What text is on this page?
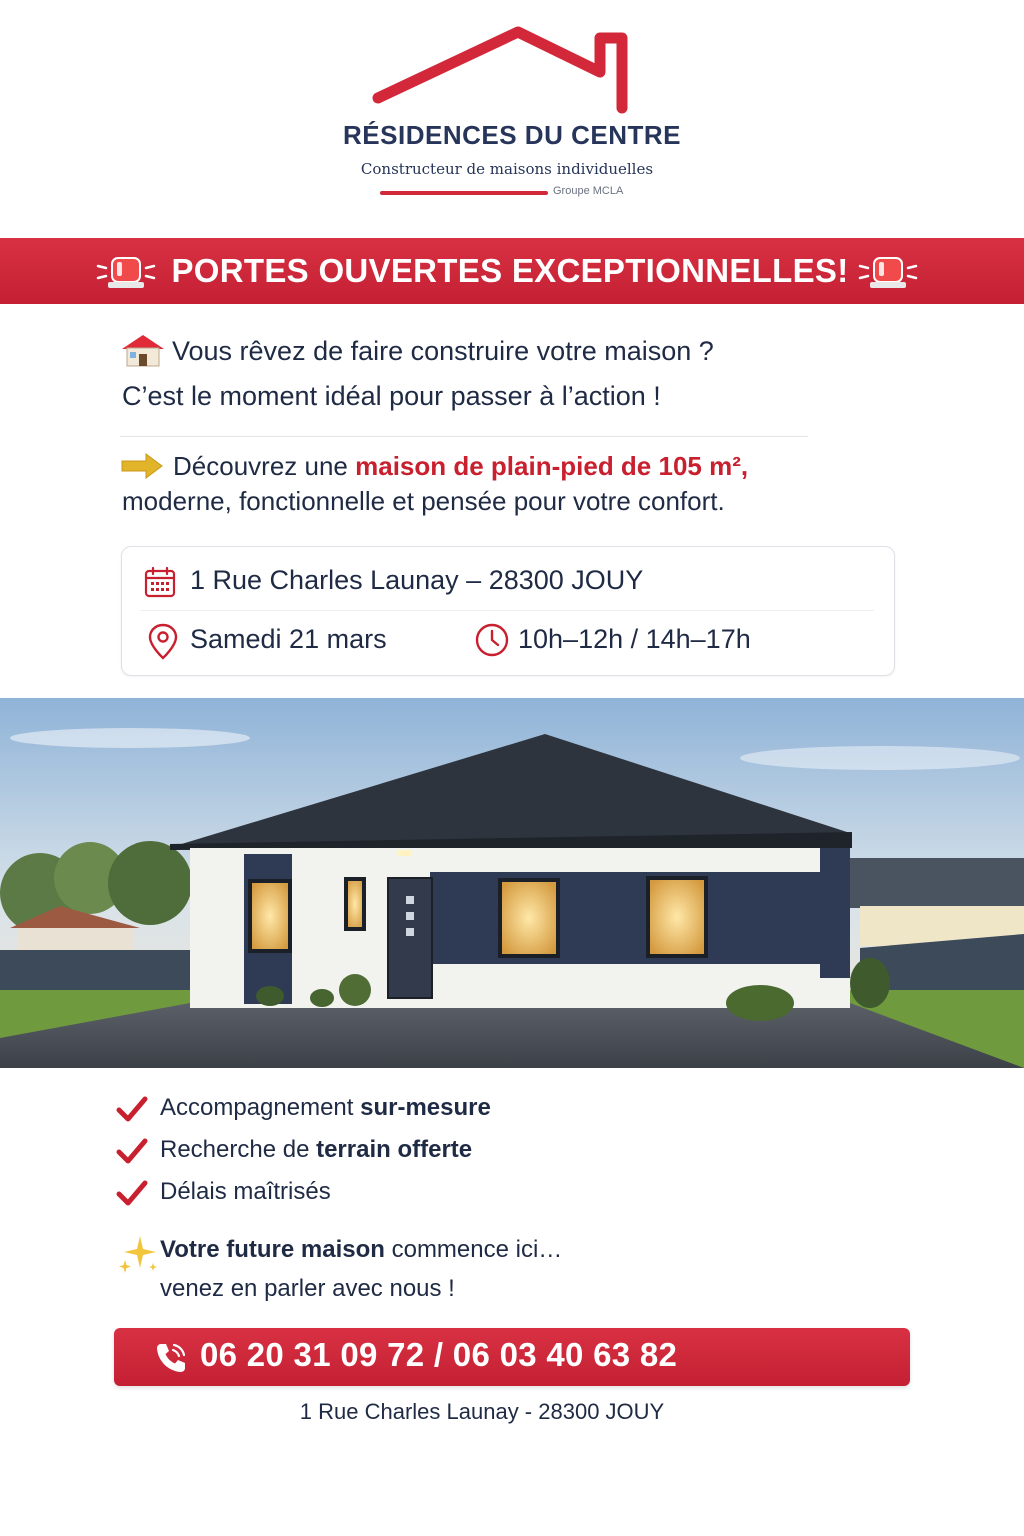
RÉSIDENCES DU CENTRE
Constructeur de maisons individuelles
Groupe MCLA
PORTES OUVERTES EXCEPTIONNELLES!
Vous rêvez de faire construire votre maison ?
C’est le moment idéal pour passer à l’action !
Découvrez une maison de plain-pied de 105 m²,
moderne, fonctionnelle et pensée pour votre confort.
1 Rue Charles Launay – 28300 JOUY
Samedi 21 mars	10h–12h / 14h–17h
Accompagnement sur-mesure
Recherche de terrain offerte
Délais maîtrisés
Votre future maison commence ici…
venez en parler avec nous !
06 20 31 09 72 / 06 03 40 63 82
1 Rue Charles Launay - 28300 JOUY
